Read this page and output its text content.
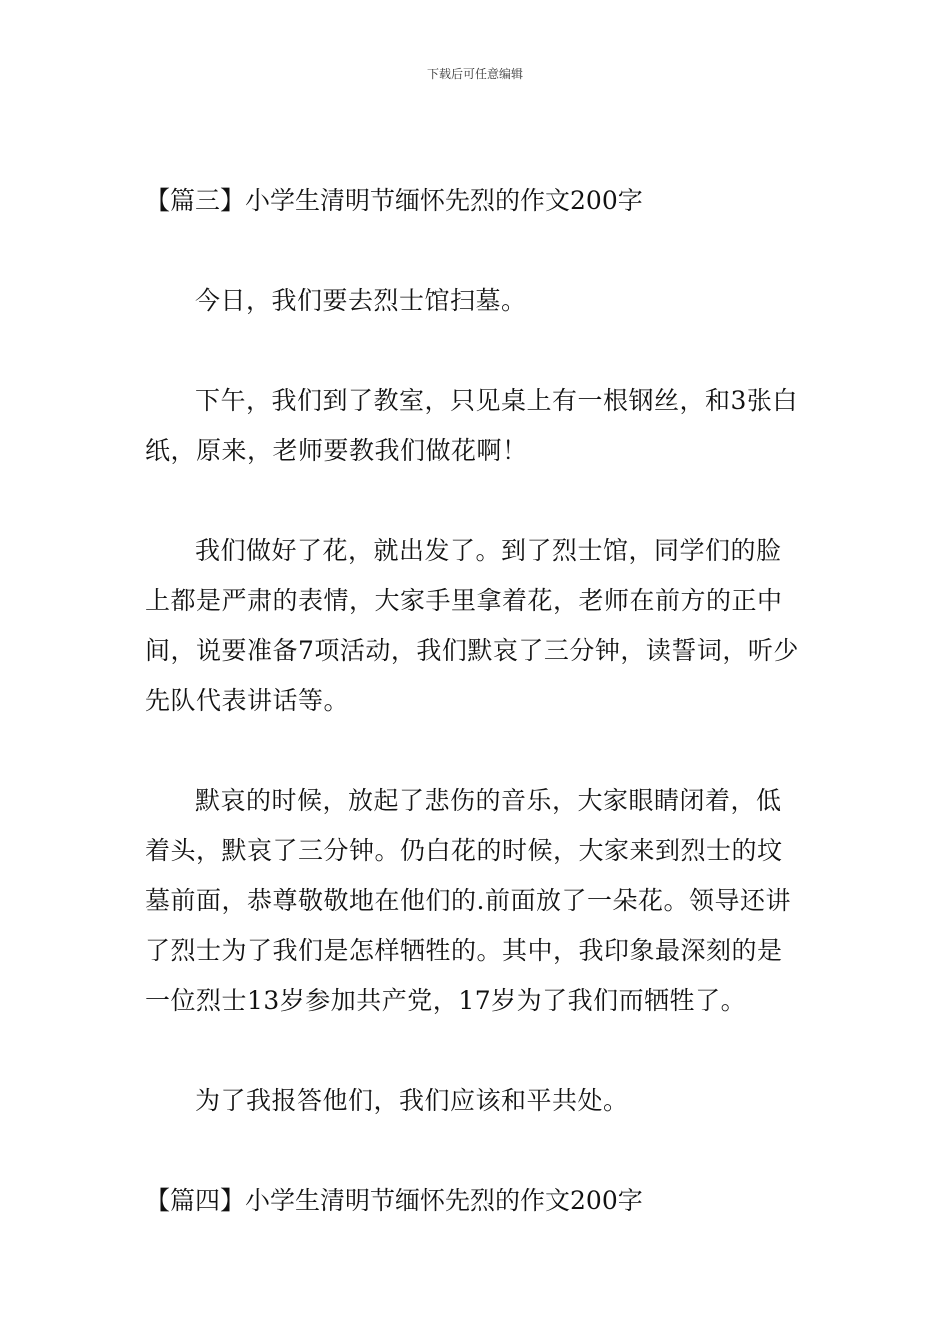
下载后可任意编辑
【篇三】小学生清明节缅怀先烈的作文200字
今日，我们要去烈士馆扫墓。
下午，我们到了教室，只见桌上有一根钢丝，和3张白
纸，原来，老师要教我们做花啊！
我们做好了花，就出发了。到了烈士馆，同学们的脸
上都是严肃的表情，大家手里拿着花，老师在前方的正中
间，说要准备7项活动，我们默哀了三分钟，读誓词，听少
先队代表讲话等。
默哀的时候，放起了悲伤的音乐，大家眼睛闭着，低
着头，默哀了三分钟。仍白花的时候，大家来到烈士的坟
墓前面，恭尊敬敬地在他们的.前面放了一朵花。领导还讲
了烈士为了我们是怎样牺牲的。其中，我印象最深刻的是
一位烈士13岁参加共产党，17岁为了我们而牺牲了。
为了我报答他们，我们应该和平共处。
【篇四】小学生清明节缅怀先烈的作文200字
